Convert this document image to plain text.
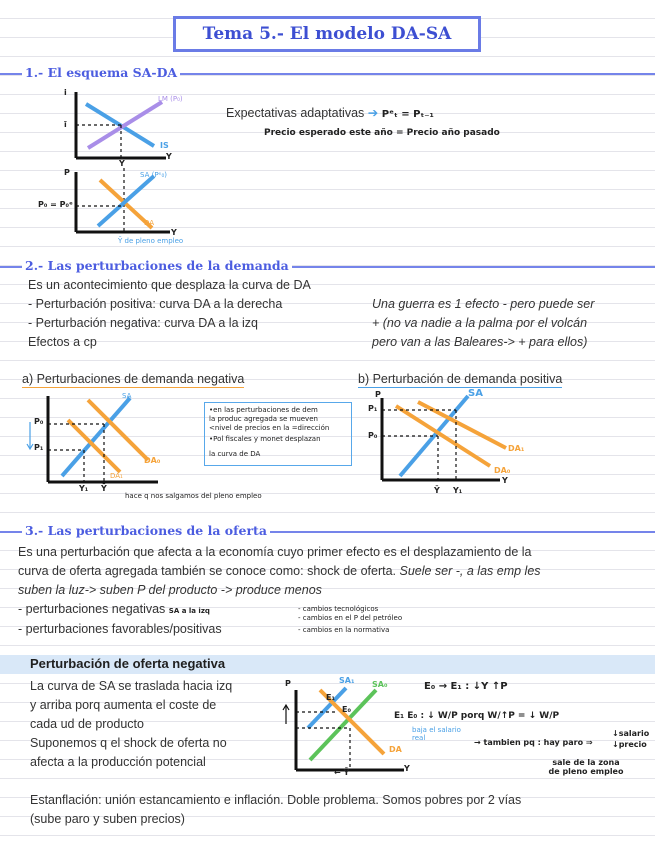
Tema 5.- El modelo DA-SA
1.- El esquema SA-DA
i
ī
LM (P₀)
IS
Y
Ȳ
P
P₀ = P₀ᵉ
SA (Pᵉ₀)
DA
Y
Ȳ de pleno empleo
Expectativas adaptativas ➔ Pᵉₜ = Pₜ₋₁
Precio esperado este año = Precio año pasado
2.- Las perturbaciones de la demanda
Es un acontecimiento que desplaza la curva de DA
- Perturbación positiva: curva DA a la derecha
- Perturbación negativa: curva DA a la izq
Efectos a cp
Una guerra es 1 efecto - pero puede ser
+ (no va nadie a la palma por el volcán
pero van a las Baleares-> + para ellos)
a) Perturbaciones de demanda negativa	b) Perturbación de demanda positiva
P₀
P₁
SA
DA₀
DA₁
Y₁ Ȳ
hace q nos salgamos del pleno empleo
•en las perturbaciones de dem
la produc agregada se mueven
<nivel de precios en la =dirección
•Pol fiscales y monet desplazan
la curva de DA
P
P₁
P₀
SA
DA₁
DA₀
Y
Ȳ Y₁
3.- Las perturbaciones de la oferta
Es una perturbación que afecta a la economía cuyo primer efecto es el desplazamiento de la
curva de oferta agregada también se conoce como: shock de oferta. Suele ser -, a las emp les
suben la luz-> suben P del producto -> produce menos
- perturbaciones negativas SA a la izq
- perturbaciones favorables/positivas
- cambios tecnológicos
- cambios en el P del petróleo
- cambios en la normativa
Perturbación de oferta negativa
La curva de SA se traslada hacia izq
y arriba porq aumenta el coste de
cada ud de producto
Suponemos q el shock de oferta no
afecta a la producción potencial
P	SA₁ SA₀
E₁
E₀
DA
Y
← Ȳ
E₀ → E₁ : ↓Y ↑P
E₁ E₀ : ↓ W/P porq W/↑P = ↓ W/P
baja el salario real	→ tambien pq : hay paro ⇒
↓salario
↓precio
sale de la zona de pleno empleo
Estanflación: unión estancamiento e inflación. Doble problema. Somos pobres por 2 vías
(sube paro y suben precios)
